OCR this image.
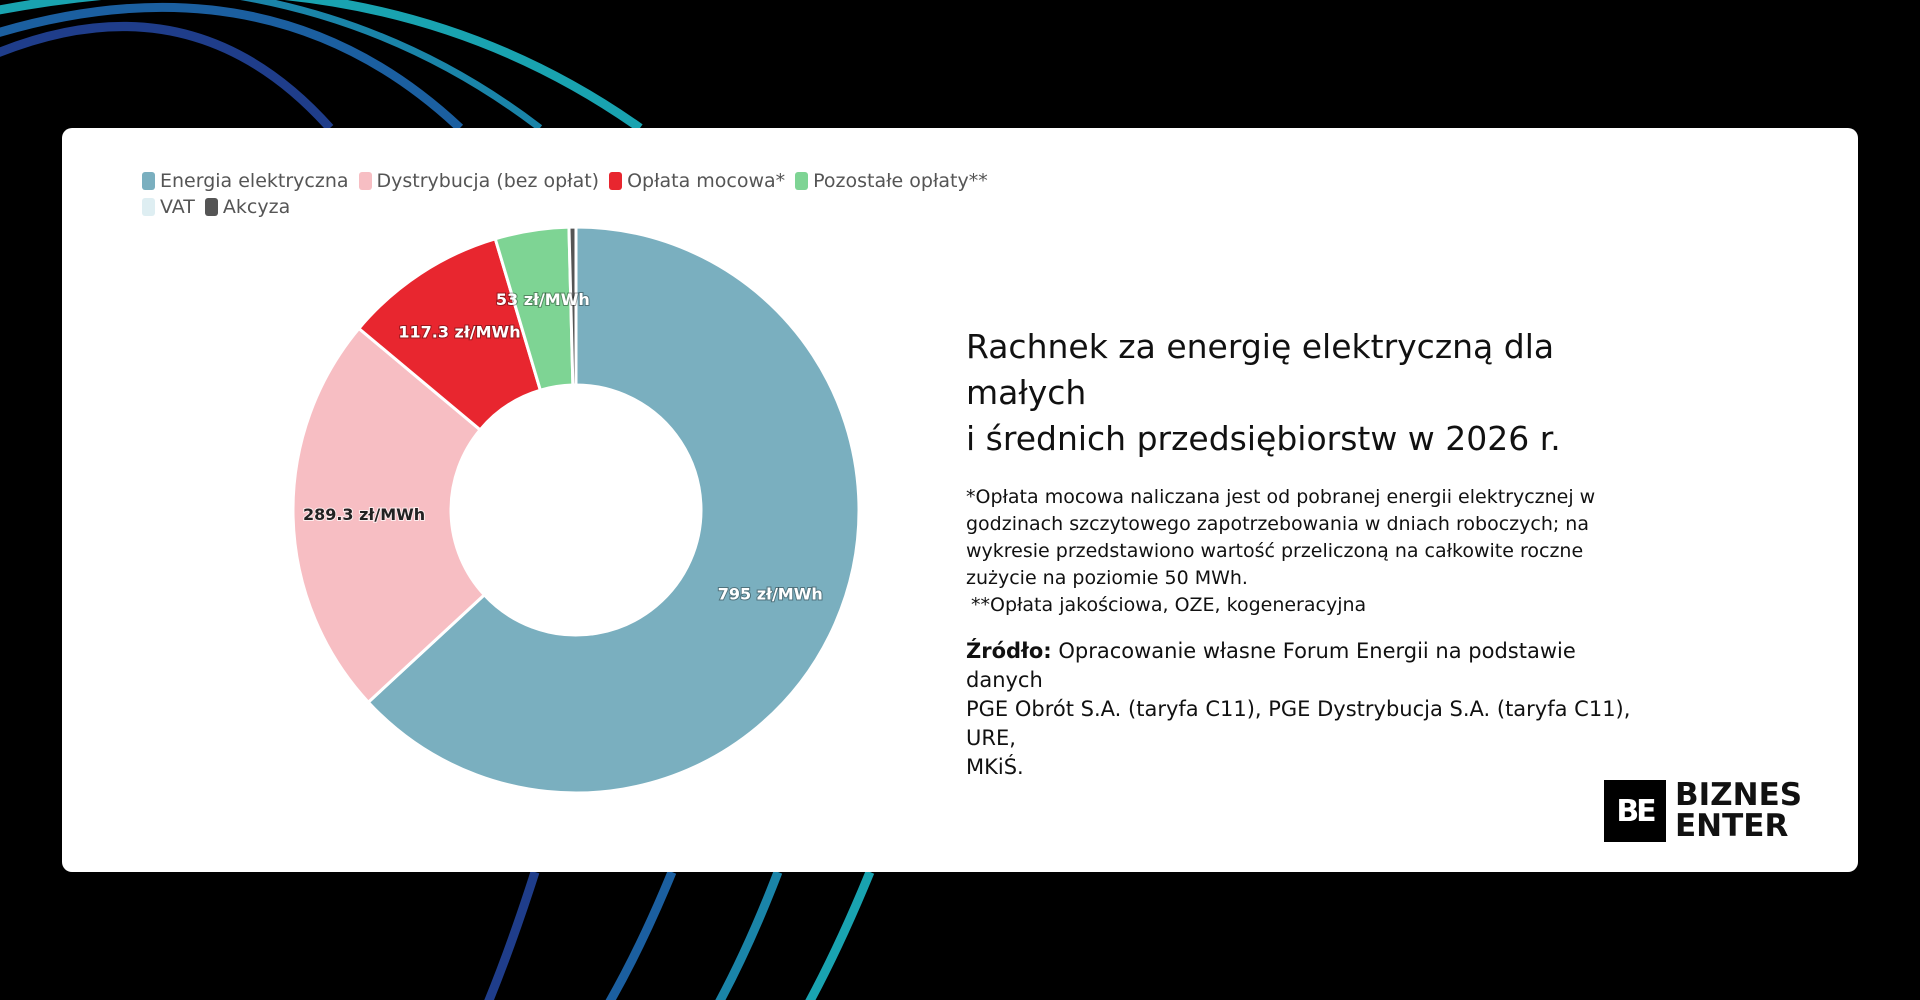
Energia elektryczna Dystrybucja (bez opłat) Opłata mocowa* Pozostałe opłaty**
VAT Akcyza
795 zł/MWh
289.3 zł/MWh
117.3 zł/MWh
53 zł/MWh
Rachnek za energię elektryczną dla małych
i średnich przedsiębiorstw w 2026 r.

*Opłata mocowa naliczana jest od pobranej energii elektrycznej w
godzinach szczytowego zapotrzebowania w dniach roboczych; na
wykresie przedstawiono wartość przeliczoną na całkowite roczne
zużycie na poziomie 50 MWh.

**Opłata jakościowa, OZE, kogeneracyjna

Źródło: Opracowanie własne Forum Energii na podstawie danych
PGE Obrót S.A. (taryfa C11), PGE Dystrybucja S.A. (taryfa C11), URE,
MKiŚ.

BE BIZNES
ENTER
